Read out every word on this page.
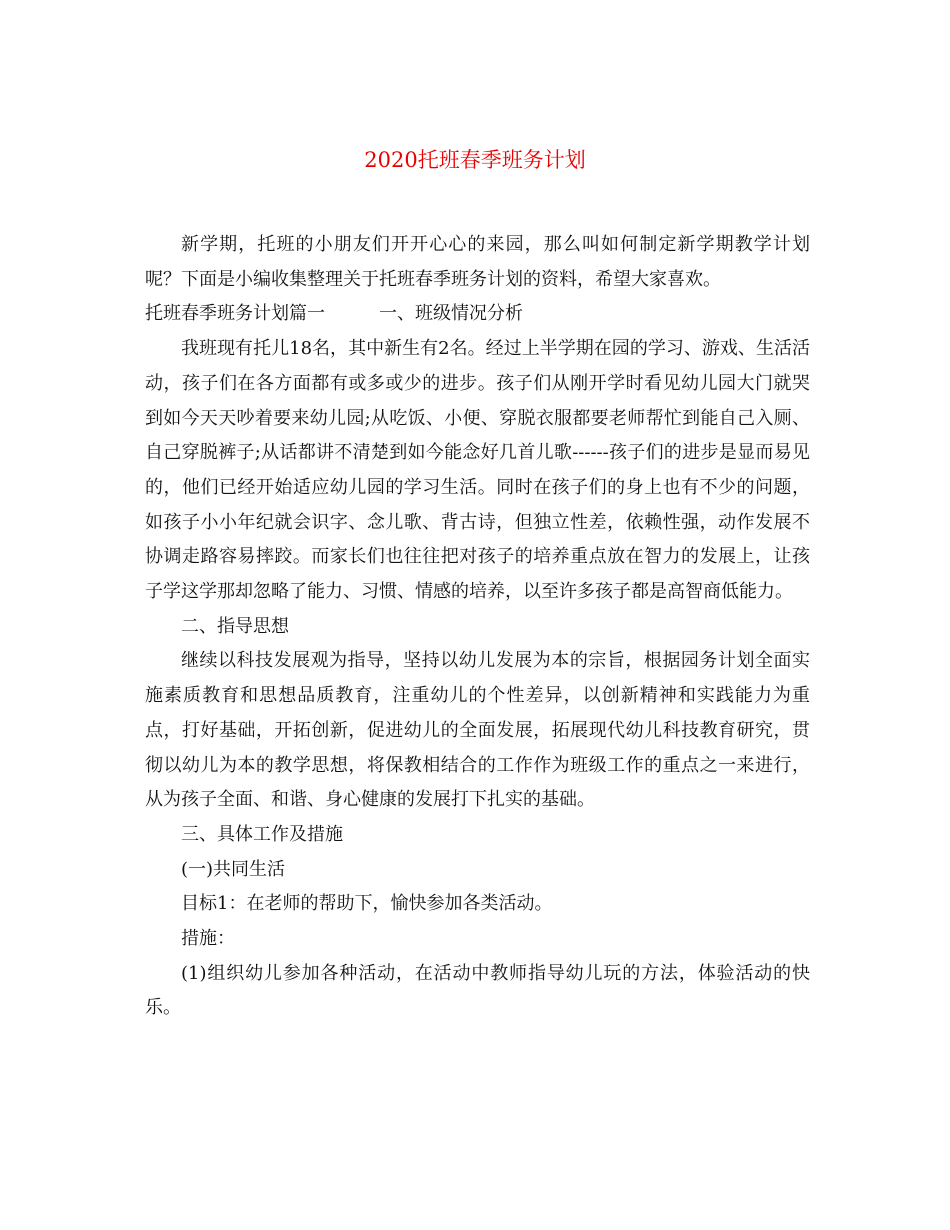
2020托班春季班务计划

新学期，托班的小朋友们开开心心的来园，那么叫如何制定新学期教学计划呢？下面是小编收集整理关于托班春季班务计划的资料，希望大家喜欢。

托班春季班务计划篇一　　　一、班级情况分析

我班现有托儿18名，其中新生有2名。经过上半学期在园的学习、游戏、生活活动，孩子们在各方面都有或多或少的进步。孩子们从刚开学时看见幼儿园大门就哭到如今天天吵着要来幼儿园;从吃饭、小便、穿脱衣服都要老师帮忙到能自己入厕、自己穿脱裤子;从话都讲不清楚到如今能念好几首儿歌------孩子们的进步是显而易见的，他们已经开始适应幼儿园的学习生活。同时在孩子们的身上也有不少的问题，如孩子小小年纪就会识字、念儿歌、背古诗，但独立性差，依赖性强，动作发展不协调走路容易摔跤。而家长们也往往把对孩子的培养重点放在智力的发展上，让孩子学这学那却忽略了能力、习惯、情感的培养，以至许多孩子都是高智商低能力。

二、指导思想

继续以科技发展观为指导，坚持以幼儿发展为本的宗旨，根据园务计划全面实施素质教育和思想品质教育，注重幼儿的个性差异，以创新精神和实践能力为重点，打好基础，开拓创新，促进幼儿的全面发展，拓展现代幼儿科技教育研究，贯彻以幼儿为本的教学思想，将保教相结合的工作作为班级工作的重点之一来进行，从为孩子全面、和谐、身心健康的发展打下扎实的基础。

三、具体工作及措施

(一)共同生活

目标1：在老师的帮助下，愉快参加各类活动。

措施：

(1)组织幼儿参加各种活动，在活动中教师指导幼儿玩的方法，体验活动的快乐。
